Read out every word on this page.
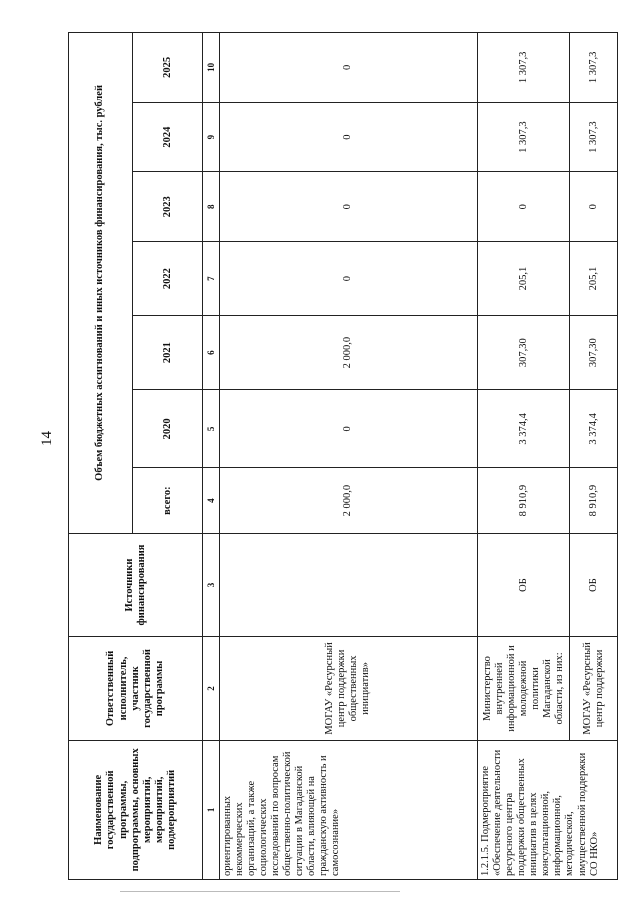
14
Наименование государственной программы, подпрограммы, основных мероприятий, мероприятий, подмероприятий	Ответственный исполнитель, участник государственной программы	Источники финансирования	Объем бюджетных ассигнований и иных источников финансирования, тыс. рублей						
			всего:	2020	2021	2022	2023	2024	2025
1	2	3	4	5	6	7	8	9	10
ориентированных некоммерческих организаций, а также социологических исследований по вопросам общественно-политической ситуации в Магаданской области, влияющей на гражданскую активность и самосознание»	МОГАУ «Ресурсный центр поддержки общественных инициатив»		2 000,0	0	2 000,0	0	0	0	0
1.2.1.5. Подмероприятие «Обеспечение деятельности ресурсного центра поддержки общественных инициатив в целях консультационной, информационной, методической, имущественной поддержки СО НКО»	Министерство внутренней информационной и молодежной политики Магаданской области, из них:	ОБ	8 910,9	3 374,4	307,30	205,1	0	1 307,3	1 307,3
	МОГАУ «Ресурсный центр поддержки	ОБ	8 910,9	3 374,4	307,30	205,1	0	1 307,3	1 307,3
